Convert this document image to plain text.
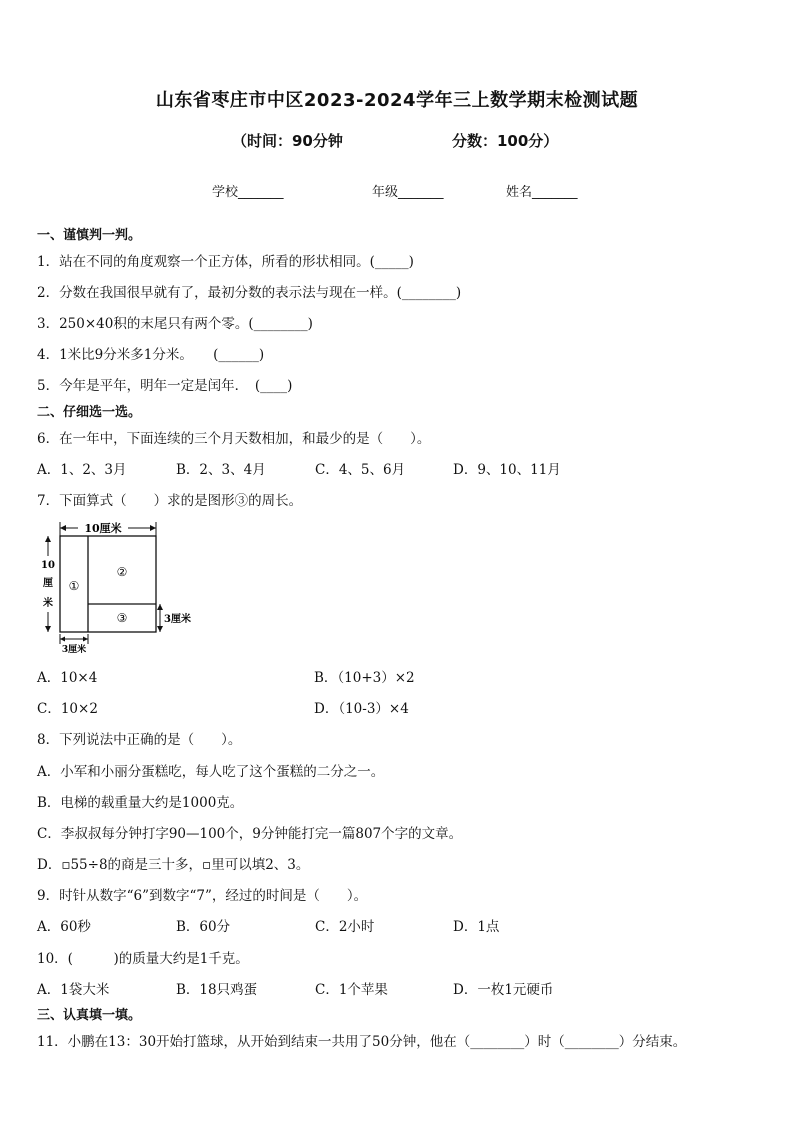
山东省枣庄市中区2023-2024学年三上数学期末检测试题
（时间：90分钟	分数：100分）
学校_______	年级_______	姓名_______
一、谨慎判一判。
1．站在不同的角度观察一个正方体，所看的形状相同。(_____)
2．分数在我国很早就有了，最初分数的表示法与现在一样。(________)
3．250×40积的末尾只有两个零。(________)
4．1米比9分米多1分米。　　(______)
5．今年是平年，明年一定是闰年．　(____)
二、仔细选一选。
6．在一年中，下面连续的三个月天数相加，和最少的是（　　）。
A．1、2、3月	B．2、3、4月	C．4、5、6月	D．9、10、11月
7．下面算式（　　）求的是图形③的周长。
10厘米
10
厘
米
3厘米
3厘米
①
②
③
A．10×4	B．（10+3）×2
C．10×2	D．（10-3）×4
8．下列说法中正确的是（　　）。
A．小军和小丽分蛋糕吃，每人吃了这个蛋糕的二分之一。
B．电梯的载重量大约是1000克。
C．李叔叔每分钟打字90—100个，9分钟能打完一篇807个字的文章。
D．▫55÷8的商是三十多，▫里可以填2、3。
9．时针从数字“6”到数字“7”，经过的时间是（　　）。
A．60秒	B．60分	C．2小时	D．1点
10．(　　　)的质量大约是1千克。
A．1袋大米	B．18只鸡蛋	C．1个苹果	D．一枚1元硬币
三、认真填一填。
11．小鹏在13：30开始打篮球，从开始到结束一共用了50分钟，他在（________）时（________）分结束。
